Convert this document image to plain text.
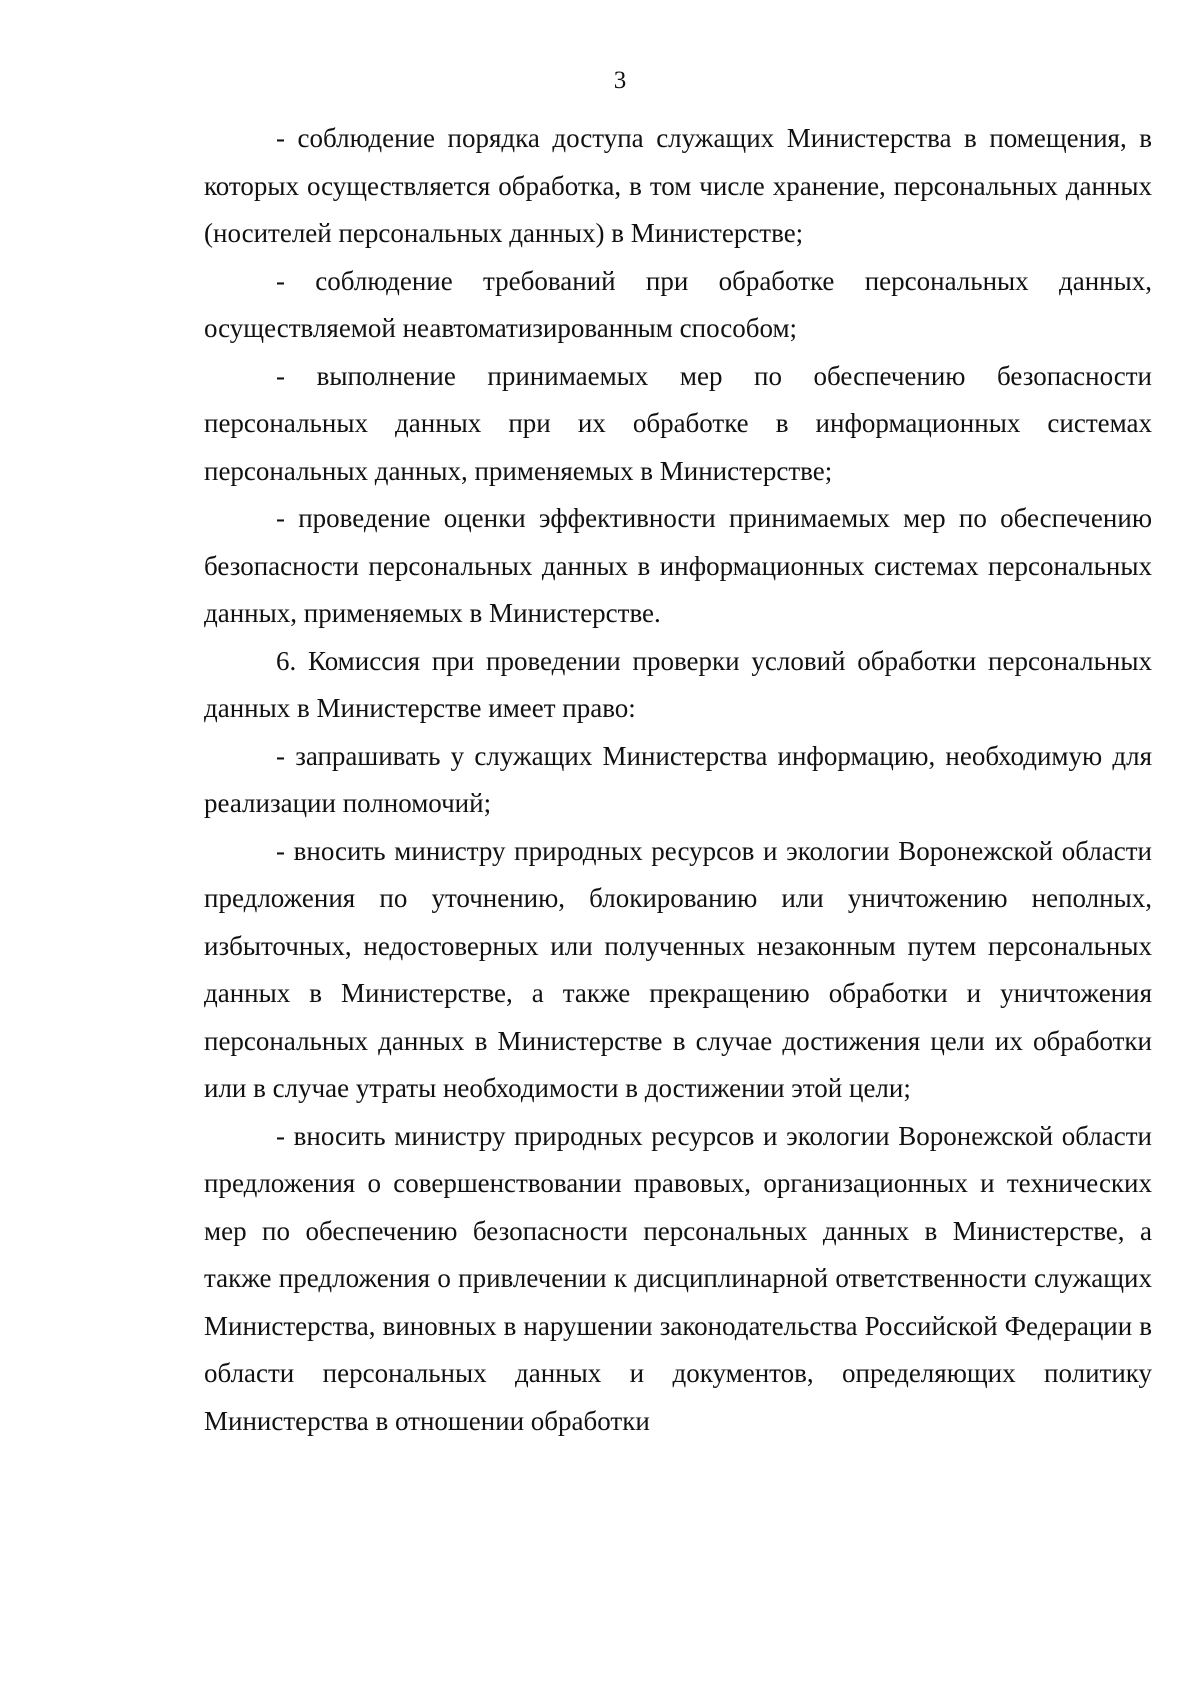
3

- соблюдение порядка доступа служащих Министерства в помещения, в которых осуществляется обработка, в том числе хранение, персональных данных (носителей персональных данных) в Министерстве;

- соблюдение требований при обработке персональных данных, осуществляемой неавтоматизированным способом;

- выполнение принимаемых мер по обеспечению безопасности персональных данных при их обработке в информационных системах персональных данных, применяемых в Министерстве;

- проведение оценки эффективности принимаемых мер по обеспечению безопасности персональных данных в информационных системах персональных данных, применяемых в Министерстве.

6. Комиссия при проведении проверки условий обработки персональных данных в Министерстве имеет право:

- запрашивать у служащих Министерства информацию, необходимую для реализации полномочий;

- вносить министру природных ресурсов и экологии Воронежской области предложения по уточнению, блокированию или уничтожению неполных, избыточных, недостоверных или полученных незаконным путем персональных данных в Министерстве, а также прекращению обработки и уничтожения персональных данных в Министерстве в случае достижения цели их обработки или в случае утраты необходимости в достижении этой цели;

- вносить министру природных ресурсов и экологии Воронежской области предложения о совершенствовании правовых, организационных и технических мер по обеспечению безопасности персональных данных в Министерстве, а также предложения о привлечении к дисциплинарной ответственности служащих Министерства, виновных в нарушении законодательства Российской Федерации в области персональных данных и документов, определяющих политику Министерства в отношении обработки
